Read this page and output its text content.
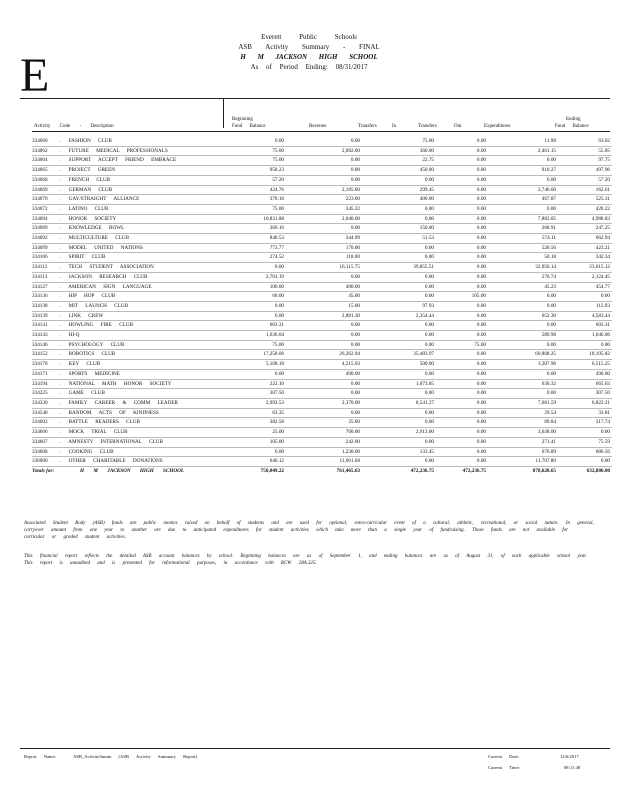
E
Everett Public Schools
ASB Activity Summary - FINAL
H M JACKSON HIGH SCHOOL
As of Period Ending: 08/31/2017
Activity Code - Description
Beginning
Fund Balance	Revenue	Transfers In	Transfers Out	Expenditures
Ending
Fund Balance
334060	. FASHION CLUB	0.00	0.00	75.00	0.00	11.98	63.02
334062	. FUTURE MEDICAL PROFESSIONALS	75.00	2,082.00	360.00	0.00	2,461.15	55.85
334064	. SUPPORT ACCEPT FRIEND EMBRACE	75.00	0.00	22.75	0.00	0.00	97.75
334065	. PROJECT GREEN	958.23	0.00	450.00	0.00	910.27	497.96
334068	. FRENCH CLUB	57.20	0.00	0.00	0.00	0.00	57.20
334069	. GERMAN CLUB	424.76	2,185.00	299.45	0.00	2,746.60	162.61
334070	. GAY/STRAIGHT ALLIANCE	370.18	223.00	400.00	0.00	467.87	525.31
334072	. LATINO CLUB	75.00	345.22	0.00	0.00	0.00	420.22
334084	. HONOR SOCIETY	10,831.88	2,040.00	0.00	0.00	7,883.05	4,988.83
334089	. KNOWLEDGE BOWL	366.16	0.00	150.00	0.00	268.91	247.25
334092	. MULTICULTURE CLUB	840.53	344.99	51.53	0.00	574.11	662.94
334099	. MODEL UNITED NATIONS	773.77	170.00	0.00	0.00	520.56	423.21
334106	. SPIRIT CLUB	274.52	118.00	0.00	0.00	50.18	342.34
334112	. TECH STUDENT ASSOCIATION	0.00	16,115.75	39,855.51	0.00	32,956.14	23,015.12
334113	. JACKSON RESEARCH CLUB	2,701.19	0.00	0.00	0.00	576.74	2,124.45
334127	. AMERICAN SIGN LANGUAGE	100.00	400.00	0.00	0.00	45.23	454.77
334136	. HIP HOP CLUB	60.00	45.00	0.00	105.00	0.00	0.00
334138	. MIT LAUNCH CLUB	0.00	15.00	97.93	0.00	0.00	112.93
334139	. LINK CREW	0.00	2,881.30	2,354.44	0.00	652.30	4,583.44
334141	. HOWLING FIRE CLUB	603.31	0.00	0.00	0.00	0.00	603.31
334143	. HI-Q	1,636.04	0.00	0.00	0.00	589.98	1,046.06
334146	. PSYCHOLOGY CLUB	75.00	0.00	0.00	75.00	0.00	0.00
334152	. ROBOTICS CLUB	17,258.06	26,262.04	35,483.97	0.00	60,808.25	18,195.82
334170	. KEY CLUB	5,108.18	4,215.03	500.00	0.00	3,307.96	6,515.25
334171	. SPORTS MEDICINE	0.00	490.00	0.00	0.00	0.00	490.00
334194	. NATIONAL MATH HONOR SOCIETY	222.10	0.00	1,073.85	0.00	630.32	665.63
334225	. GAME CLUB	307.50	0.00	0.00	0.00	0.00	307.50
334330	. FAMILY CAREER & COMM LEADER	2,992.53	2,370.00	8,541.27	0.00	7,081.59	6,822.21
334540	. RANDOM ACTS OF KINDNESS	63.35	0.00	0.00	0.00	29.54	33.81
334602	. BATTLE READERS CLUB	382.58	25.00	0.00	0.00	89.84	317.74
334606	. MOCK TRIAL CLUB	25.00	700.00	2,913.00	0.00	3,638.00	0.00
334607	. AMNESTY INTERNATIONAL CLUB	105.00	242.00	0.00	0.00	271.41	75.59
334608	. COOKING CLUB	0.00	1,230.00	133.45	0.00	676.89	686.56
336000	. OTHER CHARITABLE DONATIONS	646.12	11,061.68	0.00	0.00	11,707.80	0.00
Totals for:	H M JACKSON HIGH SCHOOL	750,049.22	761,465.63	472,236.75	472,236.75	878,628.65	632,886.00
Associated Student Body (ASB) funds are public monies raised on behalf of students and are used for optional, extra-curricular event of a cultural, athletic, recreational, or social nature. In general, carryover amount from one year to another are due to anticipated expenditures for student activities which take more than a single year of fundraising. These funds are not available for curricular or graded student activities.
This financial report reflects the detailed ASB account balances by school. Beginning balances are as of September 1, and ending balances are as of August 31, of each applicable school year. This report is unaudited and is presented for informational purposes, in accordance with RCW 28A.325.
Report Name:	ASB_ActivitySumm (ASB Activity Summary Report)	Current Date:	12/6/2017
Current Time:	08:11:48
